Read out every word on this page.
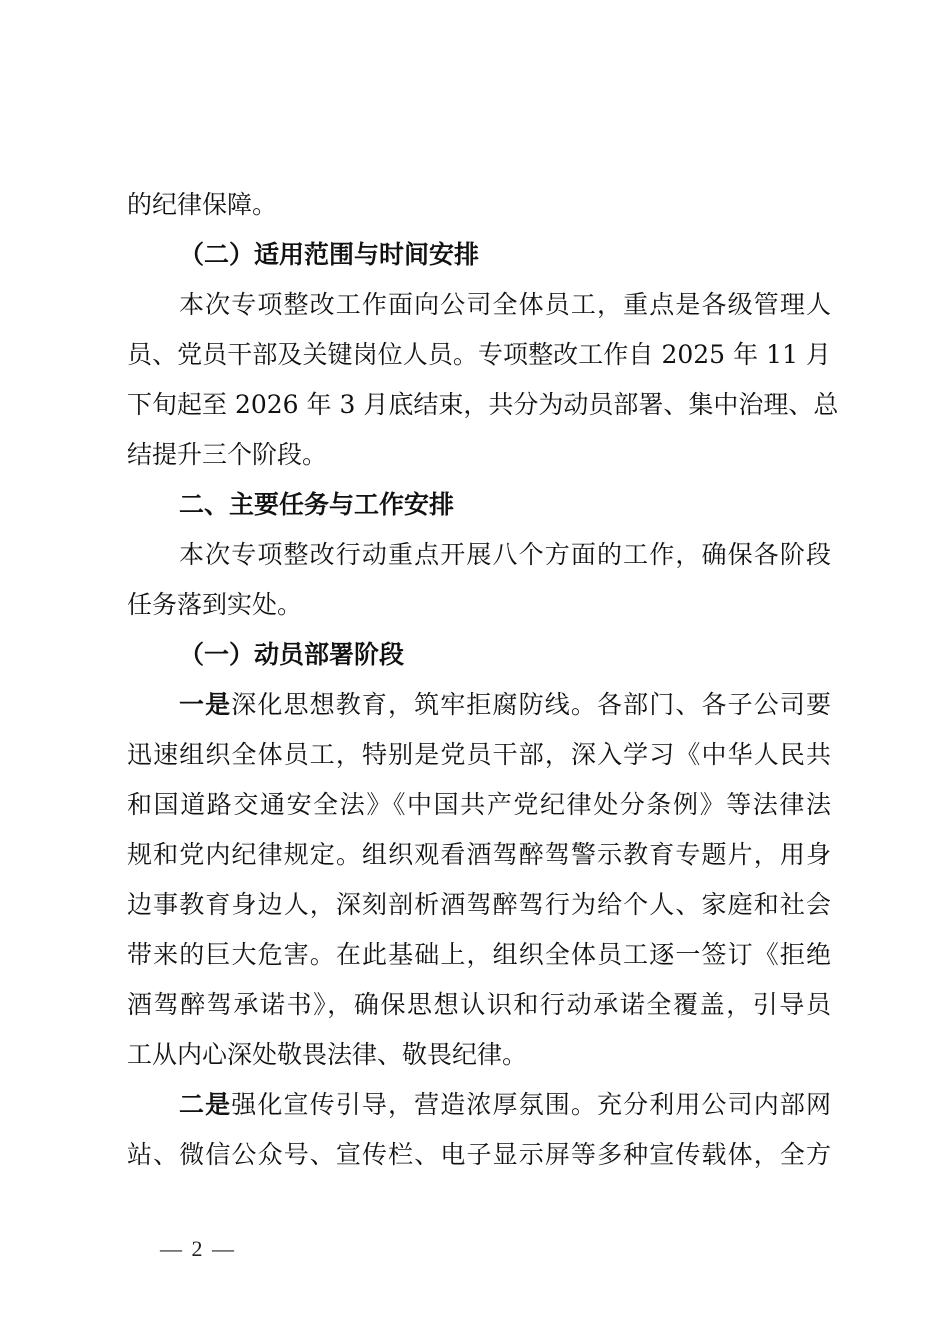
的纪律保障。
（二）适用范围与时间安排
本次专项整改工作面向公司全体员工，重点是各级管理人
员、党员干部及关键岗位人员。专项整改工作自 2025 年 11 月
下旬起至 2026 年 3 月底结束，共分为动员部署、集中治理、总
结提升三个阶段。
二、主要任务与工作安排
本次专项整改行动重点开展八个方面的工作，确保各阶段
任务落到实处。
（一）动员部署阶段
一是深化思想教育，筑牢拒腐防线。各部门、各子公司要
迅速组织全体员工，特别是党员干部，深入学习《中华人民共
和国道路交通安全法》《中国共产党纪律处分条例》等法律法
规和党内纪律规定。组织观看酒驾醉驾警示教育专题片，用身
边事教育身边人，深刻剖析酒驾醉驾行为给个人、家庭和社会
带来的巨大危害。在此基础上，组织全体员工逐一签订《拒绝
酒驾醉驾承诺书》，确保思想认识和行动承诺全覆盖，引导员
工从内心深处敬畏法律、敬畏纪律。
二是强化宣传引导，营造浓厚氛围。充分利用公司内部网
站、微信公众号、宣传栏、电子显示屏等多种宣传载体，全方
— 2 —
